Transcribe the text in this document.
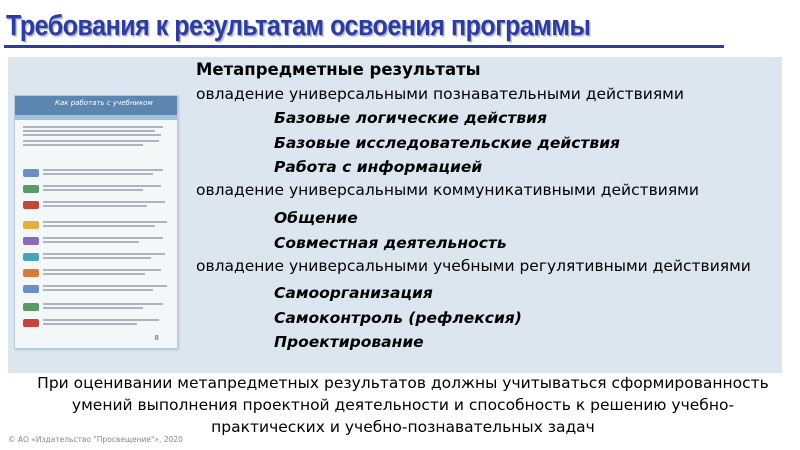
Требования к результатам освоения программы
Как работать с учебником
8
Метапредметные результаты
овладение универсальными познавательными действиями
Базовые логические действия
Базовые исследовательские действия
Работа с информацией
овладение универсальными коммуникативными действиями
Общение
Совместная деятельность
овладение универсальными учебными регулятивными действиями
Самоорганизация
Самоконтроль (рефлексия)
Проектирование

При оценивании метапредметных результатов должны учитываться сформированность

умений выполнения проектной деятельности и способность к решению учебно-

практических и учебно-познавательных задач

© АО «Издательство "Просвещение"», 2020
